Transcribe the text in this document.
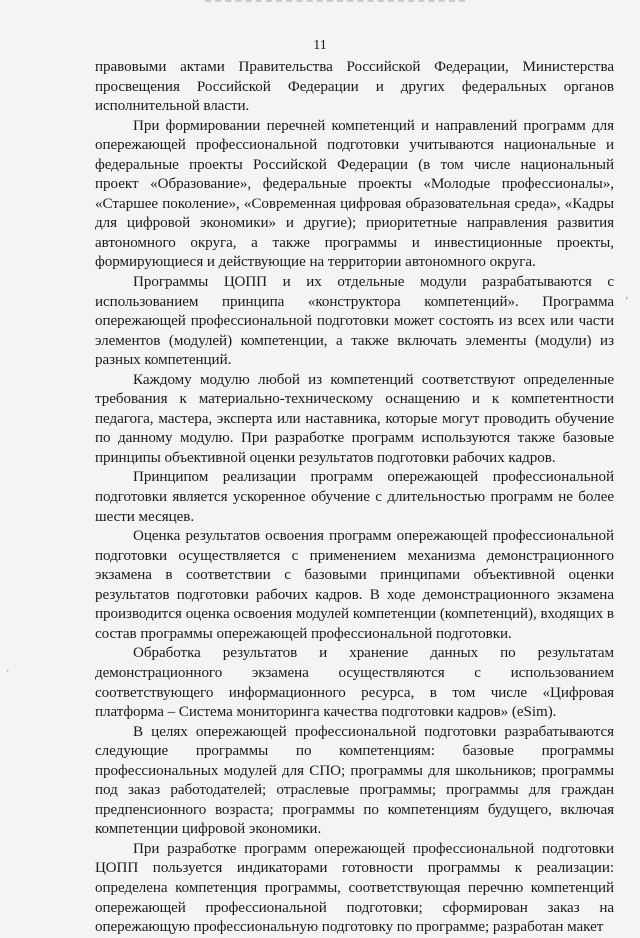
11

правовыми актами Правительства Российской Федерации, Министерства просвещения Российской Федерации и других федеральных органов исполнительной власти.

При формировании перечней компетенций и направлений программ для опережающей профессиональной подготовки учитываются национальные и федеральные проекты Российской Федерации (в том числе национальный проект «Образование», федеральные проекты «Молодые профессионалы», «Старшее поколение», «Современная цифровая образовательная среда», «Кадры для цифровой экономики» и другие); приоритетные направления развития автономного округа, а также программы и инвестиционные проекты, формирующиеся и действующие на территории автономного округа.

Программы ЦОПП и их отдельные модули разрабатываются с использованием принципа «конструктора компетенций». Программа опережающей профессиональной подготовки может состоять из всех или части элементов (модулей) компетенции, а также включать элементы (модули) из разных компетенций.

Каждому модулю любой из компетенций соответствуют определенные требования к материально-техническому оснащению и к компетентности педагога, мастера, эксперта или наставника, которые могут проводить обучение по данному модулю. При разработке программ используются также базовые принципы объективной оценки результатов подготовки рабочих кадров.

Принципом реализации программ опережающей профессиональной подготовки является ускоренное обучение с длительностью программ не более шести месяцев.

Оценка результатов освоения программ опережающей профессиональной подготовки осуществляется с применением механизма демонстрационного экзамена в соответствии с базовыми принципами объективной оценки результатов подготовки рабочих кадров. В ходе демонстрационного экзамена производится оценка освоения модулей компетенции (компетенций), входящих в состав программы опережающей профессиональной подготовки.

Обработка результатов и хранение данных по результатам демонстрационного экзамена осуществляются с использованием соответствующего информационного ресурса, в том числе «Цифровая платформа – Система мониторинга качества подготовки кадров» (eSim).

В целях опережающей профессиональной подготовки разрабатываются следующие программы по компетенциям: базовые программы профессиональных модулей для СПО; программы для школьников; программы под заказ работодателей; отраслевые программы; программы для граждан предпенсионного возраста; программы по компетенциям будущего, включая компетенции цифровой экономики.

При разработке программ опережающей профессиональной подготовки ЦОПП пользуется индикаторами готовности программы к реализации: определена компетенция программы, соответствующая перечню компетенций опережающей профессиональной подготовки; сформирован заказ на опережающую профессиональную подготовку по программе; разработан макет

ʼ
ˋ
